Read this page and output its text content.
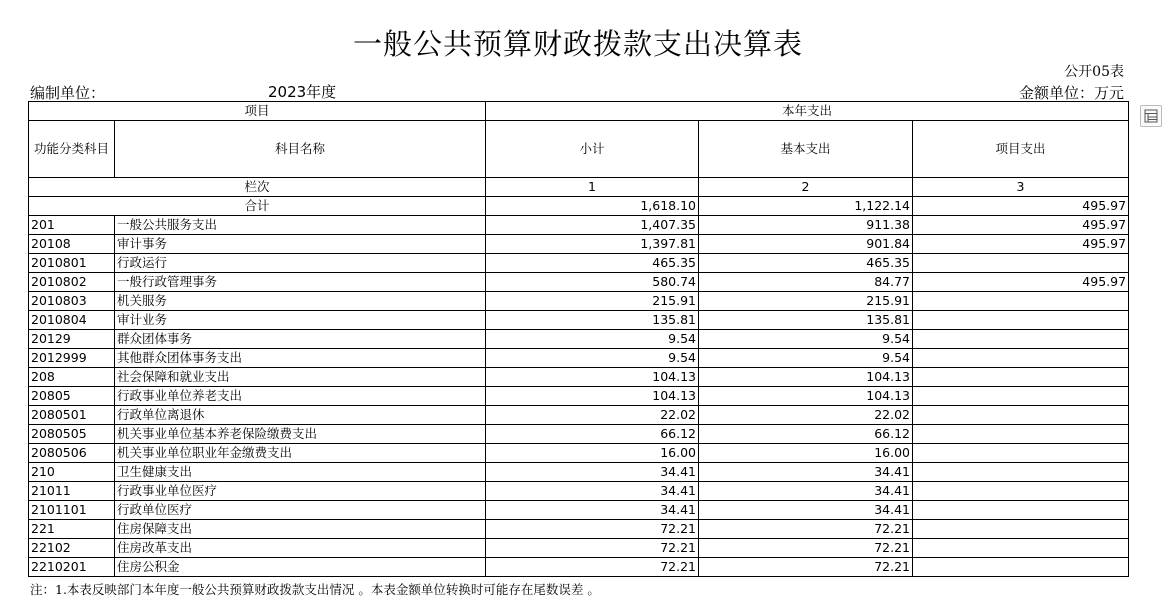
一般公共预算财政拨款支出决算表
公开05表
编制单位：	2023年度	金额单位：万元
项目		本年支出		
功能分类科目	科目名称	小计	基本支出	项目支出
栏次		1	2	3
合计		1,618.10	1,122.14	495.97
201	一般公共服务支出	1,407.35	911.38	495.97
20108	审计事务	1,397.81	901.84	495.97
2010801	行政运行	465.35	465.35	
2010802	一般行政管理事务	580.74	84.77	495.97
2010803	机关服务	215.91	215.91	
2010804	审计业务	135.81	135.81	
20129	群众团体事务	9.54	9.54	
2012999	其他群众团体事务支出	9.54	9.54	
208	社会保障和就业支出	104.13	104.13	
20805	行政事业单位养老支出	104.13	104.13	
2080501	行政单位离退休	22.02	22.02	
2080505	机关事业单位基本养老保险缴费支出	66.12	66.12	
2080506	机关事业单位职业年金缴费支出	16.00	16.00	
210	卫生健康支出	34.41	34.41	
21011	行政事业单位医疗	34.41	34.41	
2101101	行政单位医疗	34.41	34.41	
221	住房保障支出	72.21	72.21	
22102	住房改革支出	72.21	72.21	
2210201	住房公积金	72.21	72.21	
注：1.本表反映部门本年度一般公共预算财政拨款支出情况 。本表金额单位转换时可能存在尾数误差 。
